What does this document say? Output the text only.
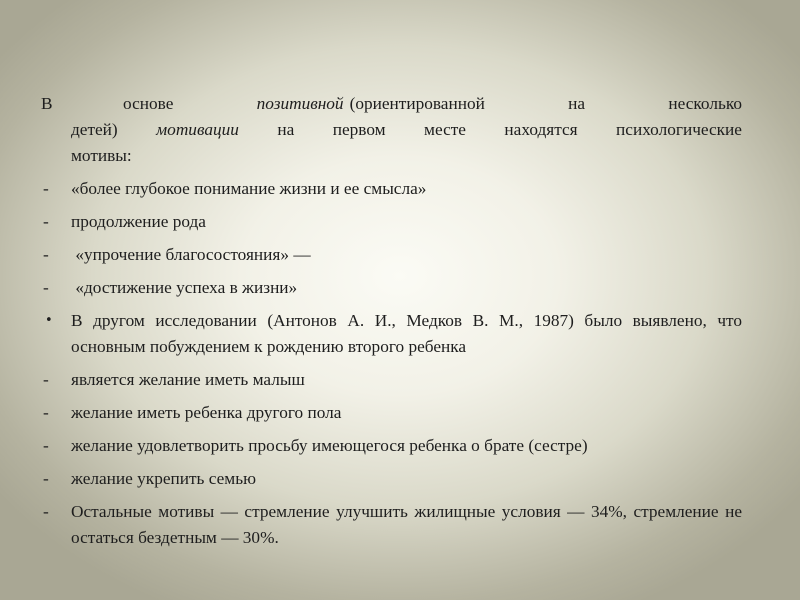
В	основе	позитивной (ориентированной	на	несколько
детей) мотивации на первом месте находятся психологические
мотивы:
-	«более глубокое понимание жизни и ее смысла»
-	продолжение рода
-	«упрочение благосостояния» —
-	«достижение успеха в жизни»
•	В другом исследовании (Антонов А. И., Медков В. М., 1987) было выявлено, что основным побуждением к рождению второго ребенка
-	является желание иметь малыш
-	желание иметь ребенка другого пола
-	желание удовлетворить просьбу имеющегося ребенка о брате (сестре)
-	желание укрепить семью
-	Остальные мотивы — стремление улучшить жилищные условия — 34%, стремление не остаться бездетным — 30%.
